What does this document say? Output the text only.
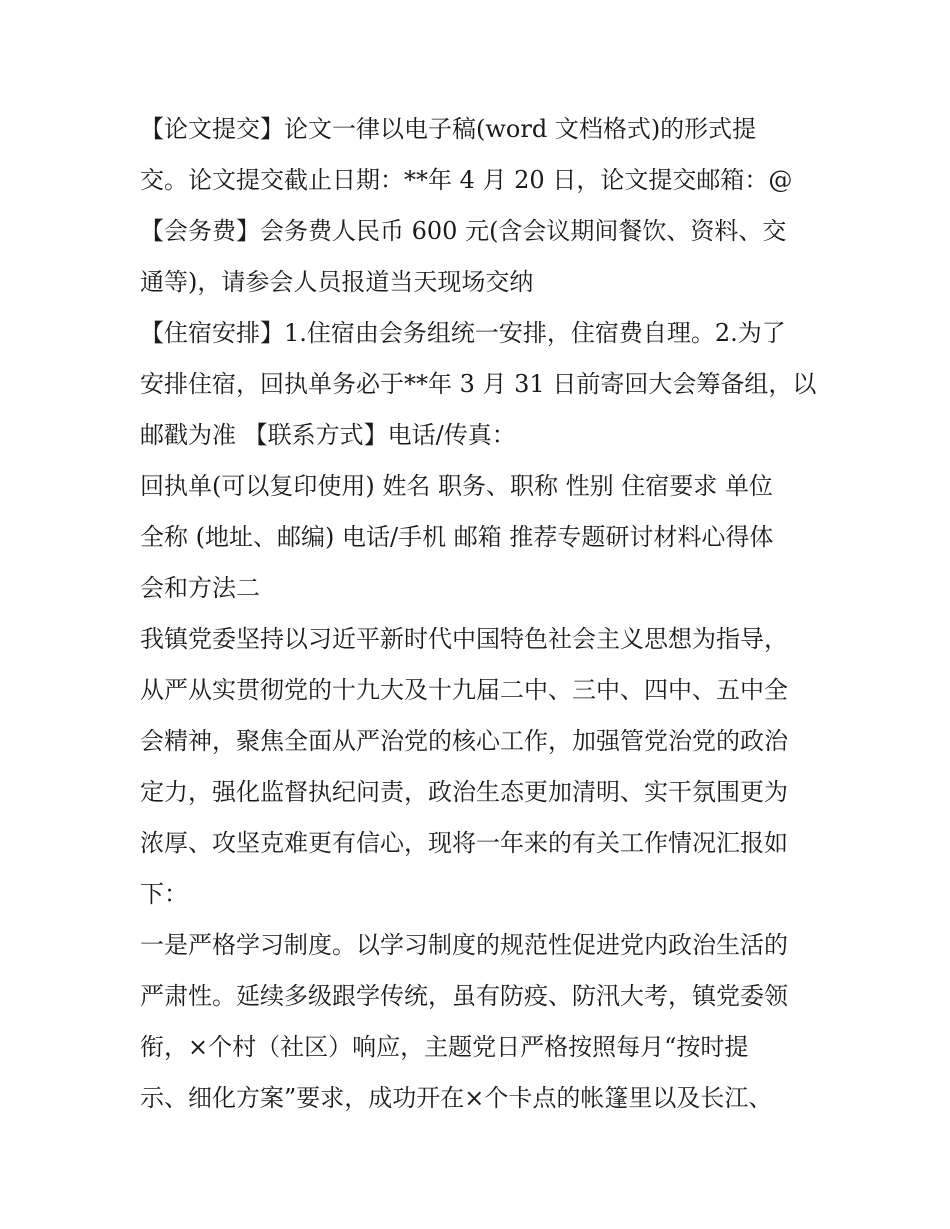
【论文提交】论文一律以电子稿(word 文档格式)的形式提
交。论文提交截止日期：**年 4 月 20 日，论文提交邮箱：@
【会务费】会务费人民币 600 元(含会议期间餐饮、资料、交
通等)，请参会人员报道当天现场交纳
【住宿安排】1.住宿由会务组统一安排，住宿费自理。2.为了
安排住宿，回执单务必于**年 3 月 31 日前寄回大会筹备组，以
邮戳为准 【联系方式】电话/传真：
回执单(可以复印使用) 姓名 职务、职称 性别 住宿要求 单位
全称 (地址、邮编) 电话/手机 邮箱 推荐专题研讨材料心得体
会和方法二
我镇党委坚持以习近平新时代中国特色社会主义思想为指导，
从严从实贯彻党的十九大及十九届二中、三中、四中、五中全
会精神，聚焦全面从严治党的核心工作，加强管党治党的政治
定力，强化监督执纪问责，政治生态更加清明、实干氛围更为
浓厚、攻坚克难更有信心，现将一年来的有关工作情况汇报如
下：
一是严格学习制度。以学习制度的规范性促进党内政治生活的
严肃性。延续多级跟学传统，虽有防疫、防汛大考，镇党委领
衔，×个村（社区）响应，主题党日严格按照每月“按时提
示、细化方案”要求，成功开在×个卡点的帐篷里以及长江、
